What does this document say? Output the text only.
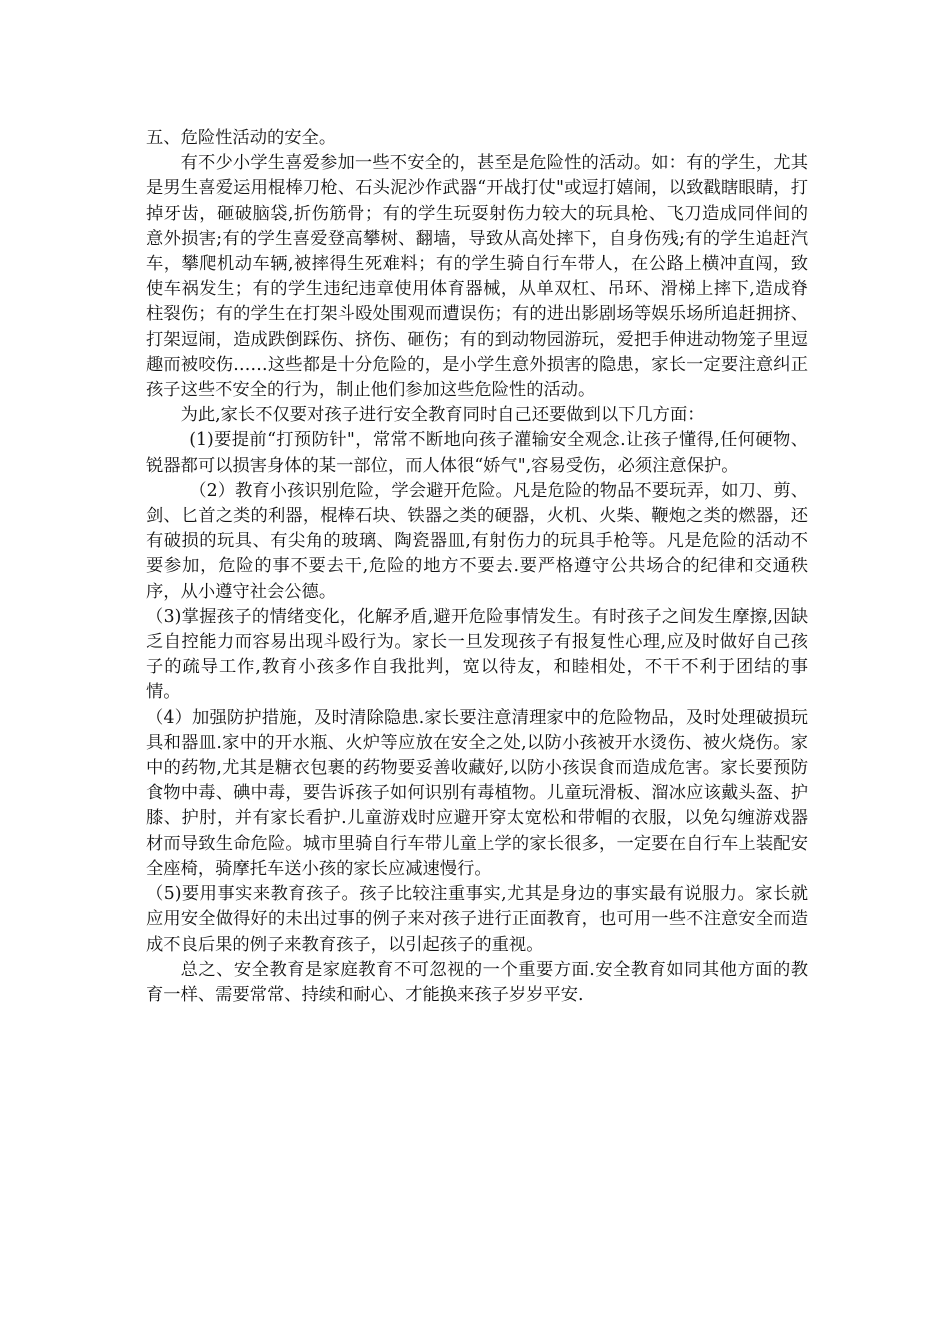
五、危险性活动的安全。

有不少小学生喜爱参加一些不安全的，甚至是危险性的活动。如：有的学生，尤其是男生喜爱运用棍棒刀枪、石头泥沙作武器“开战打仗"或逗打嬉闹，以致戳瞎眼睛，打掉牙齿，砸破脑袋,折伤筋骨；有的学生玩耍射伤力较大的玩具枪、飞刀造成同伴间的意外损害;有的学生喜爱登高攀树、翻墙，导致从高处摔下，自身伤残;有的学生追赶汽车，攀爬机动车辆,被摔得生死难料；有的学生骑自行车带人，在公路上横冲直闯，致使车祸发生；有的学生违纪违章使用体育器械，从单双杠、吊环、滑梯上摔下,造成脊柱裂伤；有的学生在打架斗殴处围观而遭误伤；有的进出影剧场等娱乐场所追赶拥挤、打架逗闹，造成跌倒踩伤、挤伤、砸伤；有的到动物园游玩，爱把手伸进动物笼子里逗趣而被咬伤……这些都是十分危险的，是小学生意外损害的隐患，家长一定要注意纠正孩子这些不安全的行为，制止他们参加这些危险性的活动。

为此,家长不仅要对孩子进行安全教育同时自己还要做到以下几方面：

(1)要提前“打预防针"，常常不断地向孩子灌输安全观念.让孩子懂得,任何硬物、锐器都可以损害身体的某一部位，而人体很“娇气",容易受伤，必须注意保护。

（2）教育小孩识别危险，学会避开危险。凡是危险的物品不要玩弄，如刀、剪、剑、匕首之类的利器，棍棒石块、铁器之类的硬器，火机、火柴、鞭炮之类的燃器，还有破损的玩具、有尖角的玻璃、陶瓷器皿,有射伤力的玩具手枪等。凡是危险的活动不要参加，危险的事不要去干,危险的地方不要去.要严格遵守公共场合的纪律和交通秩序，从小遵守社会公德。

（3)掌握孩子的情绪变化，化解矛盾,避开危险事情发生。有时孩子之间发生摩擦,因缺乏自控能力而容易出现斗殴行为。家长一旦发现孩子有报复性心理,应及时做好自己孩子的疏导工作,教育小孩多作自我批判，宽以待友，和睦相处，不干不利于团结的事情。

（4）加强防护措施，及时清除隐患.家长要注意清理家中的危险物品，及时处理破损玩具和器皿.家中的开水瓶、火炉等应放在安全之处,以防小孩被开水烫伤、被火烧伤。家中的药物,尤其是糖衣包裹的药物要妥善收藏好,以防小孩误食而造成危害。家长要预防食物中毒、碘中毒，要告诉孩子如何识别有毒植物。儿童玩滑板、溜冰应该戴头盔、护膝、护肘，并有家长看护.儿童游戏时应避开穿太宽松和带帽的衣服，以免勾缠游戏器材而导致生命危险。城市里骑自行车带儿童上学的家长很多，一定要在自行车上装配安全座椅，骑摩托车送小孩的家长应减速慢行。

（5)要用事实来教育孩子。孩子比较注重事实,尤其是身边的事实最有说服力。家长就应用安全做得好的未出过事的例子来对孩子进行正面教育，也可用一些不注意安全而造成不良后果的例子来教育孩子，以引起孩子的重视。

总之、安全教育是家庭教育不可忽视的一个重要方面.安全教育如同其他方面的教育一样、需要常常、持续和耐心、才能换来孩子岁岁平安.
